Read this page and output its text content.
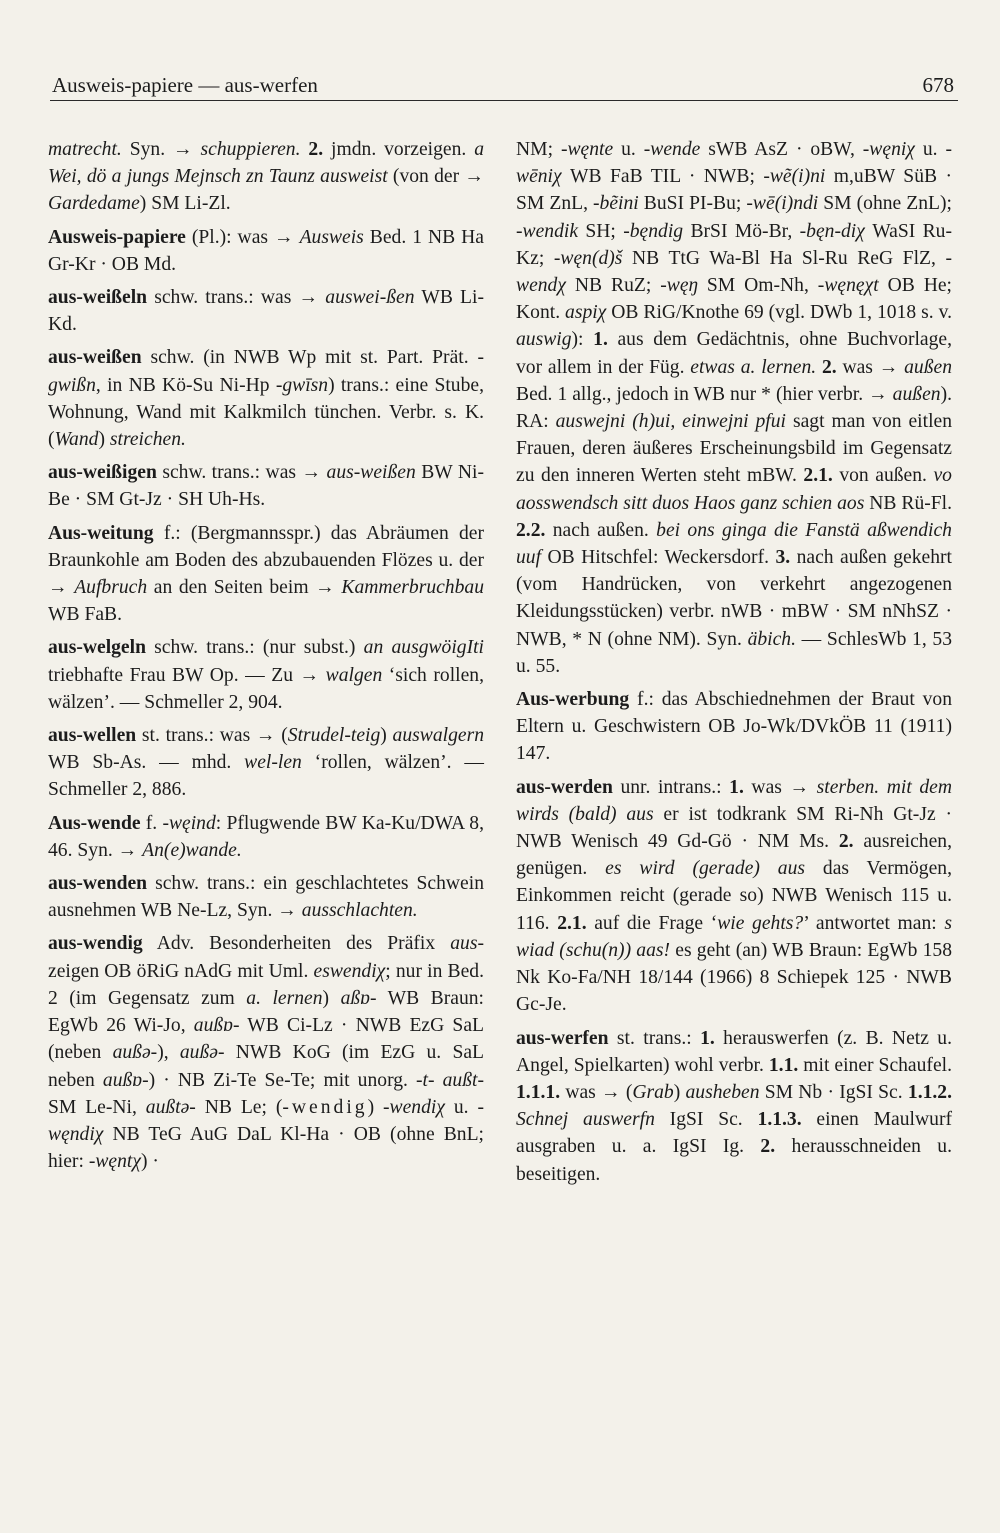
Ausweis-papiere — aus-werfen	678

matrecht. Syn. → schuppieren. 2. jmdn. vorzeigen. a Wei, dö a jungs Mejnsch zn Taunz ausweist (von der → Gardedame) SM Li-Zl.

Ausweis-papiere (Pl.): was → Ausweis Bed. 1 NB Ha Gr-Kr · OB Md.

aus-weißeln schw. trans.: was → auswei-ßen WB Li-Kd.

aus-weißen schw. (in NWB Wp mit st. Part. Prät. -gwißn, in NB Kö-Su Ni-Hp -gwīsn) trans.: eine Stube, Wohnung, Wand mit Kalkmilch tünchen. Verbr. s. K. (Wand) streichen.

aus-weißigen schw. trans.: was → aus-weißen BW Ni-Be · SM Gt-Jz · SH Uh-Hs.

Aus-weitung f.: (Bergmannsspr.) das Abräumen der Braunkohle am Boden des abzubauenden Flözes u. der → Aufbruch an den Seiten beim → Kammerbruchbau WB FaB.

aus-welgeln schw. trans.: (nur subst.) an ausgwöigIti triebhafte Frau BW Op. — Zu → walgen ‘sich rollen, wälzen’. — Schmeller 2, 904.

aus-wellen st. trans.: was → (Strudel-teig) auswalgern WB Sb-As. — mhd. wel-len ‘rollen, wälzen’. — Schmeller 2, 886.

Aus-wende f. -węind: Pflugwende BW Ka-Ku/DWA 8, 46. Syn. → An(e)wande.

aus-wenden schw. trans.: ein geschlachtetes Schwein ausnehmen WB Ne-Lz, Syn. → ausschlachten.

aus-wendig Adv. Besonderheiten des Präfix aus- zeigen OB öRiG nAdG mit Uml. eswendiχ; nur in Bed. 2 (im Gegensatz zum a. lernen) aßɒ- WB Braun: EgWb 26 Wi-Jo, außɒ- WB Ci-Lz · NWB EzG SaL (neben außə-), außə- NWB KoG (im EzG u. SaL neben außɒ-) · NB Zi-Te Se-Te; mit unorg. -t- außt- SM Le-Ni, außtə- NB Le; (-wendig) -wendiχ u. -węndiχ NB TeG AuG DaL Kl-Ha · OB (ohne BnL; hier: -węntχ) ·

NM; -węnte u. -wende sWB AsZ · oBW, -węniχ u. -wēniχ WB FaB TIL · NWB; -wẽ(i)ni m,uBW SüB · SM ZnL, -bẽini BuSI PI-Bu; -wē(i)ndi SM (ohne ZnL); -wendik SH; -bęndig BrSI Mö-Br, -bęn-diχ WaSI Ru-Kz; -węn(d)š NB TtG Wa-Bl Ha Sl-Ru ReG FlZ, -wendχ NB RuZ; -węŋ SM Om-Nh, -węnęχt OB He; Kont. aspiχ OB RiG/Knothe 69 (vgl. DWb 1, 1018 s. v. auswig): 1. aus dem Gedächtnis, ohne Buchvorlage, vor allem in der Füg. etwas a. lernen. 2. was → außen Bed. 1 allg., jedoch in WB nur * (hier verbr. → außen). RA: auswejni (h)ui, einwejni pfui sagt man von eitlen Frauen, deren äußeres Erscheinungsbild im Gegensatz zu den inneren Werten steht mBW. 2.1. von außen. vo aosswendsch sitt duos Haos ganz schien aos NB Rü-Fl. 2.2. nach außen. bei ons ginga die Fanstä aßwendich uuf OB Hitschfel: Weckersdorf. 3. nach außen gekehrt (vom Handrücken, von verkehrt angezogenen Kleidungsstücken) verbr. nWB · mBW · SM nNhSZ · NWB, * N (ohne NM). Syn. äbich. — SchlesWb 1, 53 u. 55.

Aus-werbung f.: das Abschiednehmen der Braut von Eltern u. Geschwistern OB Jo-Wk/DVkÖB 11 (1911) 147.

aus-werden unr. intrans.: 1. was → sterben. mit dem wirds (bald) aus er ist todkrank SM Ri-Nh Gt-Jz · NWB Wenisch 49 Gd-Gö · NM Ms. 2. ausreichen, genügen. es wird (gerade) aus das Vermögen, Einkommen reicht (gerade so) NWB Wenisch 115 u. 116. 2.1. auf die Frage ‘wie gehts?’ antwortet man: s wiad (schu(n)) aas! es geht (an) WB Braun: EgWb 158 Nk Ko-Fa/NH 18/144 (1966) 8 Schiepek 125 · NWB Gc-Je.

aus-werfen st. trans.: 1. herauswerfen (z. B. Netz u. Angel, Spielkarten) wohl verbr. 1.1. mit einer Schaufel. 1.1.1. was → (Grab) ausheben SM Nb · IgSI Sc. 1.1.2. Schnej auswerfn IgSI Sc. 1.1.3. einen Maulwurf ausgraben u. a. IgSI Ig. 2. herausschneiden u. beseitigen.
